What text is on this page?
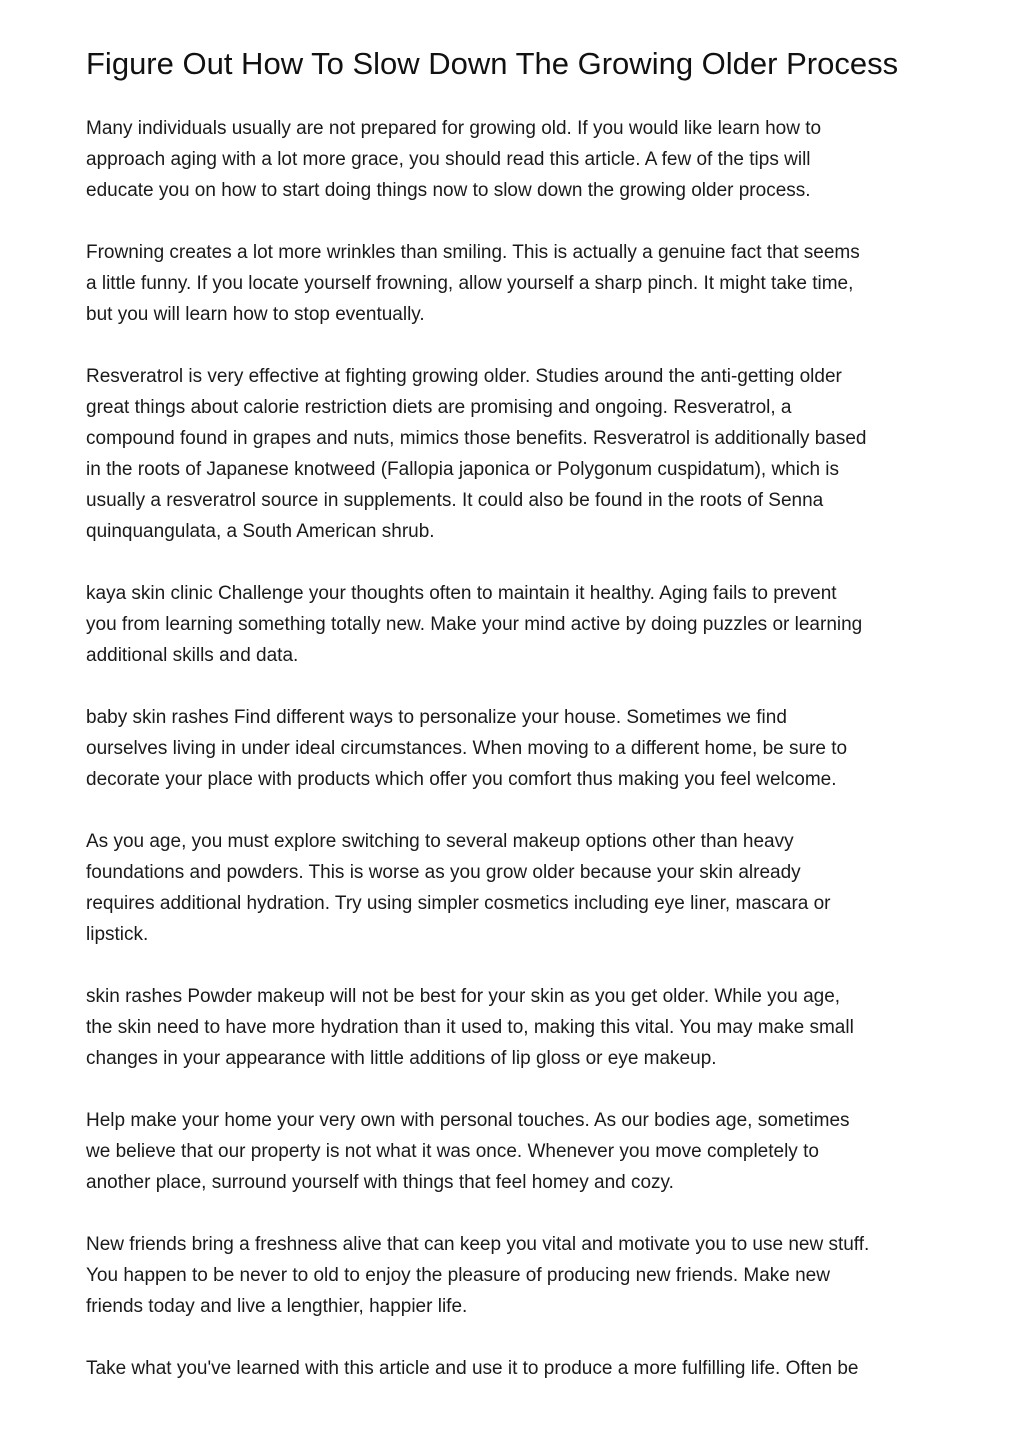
Figure Out How To Slow Down The Growing Older Process

Many individuals usually are not prepared for growing old. If you would like learn how to
approach aging with a lot more grace, you should read this article. A few of the tips will
educate you on how to start doing things now to slow down the growing older process.

Frowning creates a lot more wrinkles than smiling. This is actually a genuine fact that seems
a little funny. If you locate yourself frowning, allow yourself a sharp pinch. It might take time,
but you will learn how to stop eventually.

Resveratrol is very effective at fighting growing older. Studies around the anti-getting older
great things about calorie restriction diets are promising and ongoing. Resveratrol, a
compound found in grapes and nuts, mimics those benefits. Resveratrol is additionally based
in the roots of Japanese knotweed (Fallopia japonica or Polygonum cuspidatum), which is
usually a resveratrol source in supplements. It could also be found in the roots of Senna
quinquangulata, a South American shrub.

kaya skin clinic Challenge your thoughts often to maintain it healthy. Aging fails to prevent
you from learning something totally new. Make your mind active by doing puzzles or learning
additional skills and data.

baby skin rashes Find different ways to personalize your house. Sometimes we find
ourselves living in under ideal circumstances. When moving to a different home, be sure to
decorate your place with products which offer you comfort thus making you feel welcome.

As you age, you must explore switching to several makeup options other than heavy
foundations and powders. This is worse as you grow older because your skin already
requires additional hydration. Try using simpler cosmetics including eye liner, mascara or
lipstick.

skin rashes Powder makeup will not be best for your skin as you get older. While you age,
the skin need to have more hydration than it used to, making this vital. You may make small
changes in your appearance with little additions of lip gloss or eye makeup.

Help make your home your very own with personal touches. As our bodies age, sometimes
we believe that our property is not what it was once. Whenever you move completely to
another place, surround yourself with things that feel homey and cozy.

New friends bring a freshness alive that can keep you vital and motivate you to use new stuff.
You happen to be never to old to enjoy the pleasure of producing new friends. Make new
friends today and live a lengthier, happier life.

Take what you've learned with this article and use it to produce a more fulfilling life. Often be
